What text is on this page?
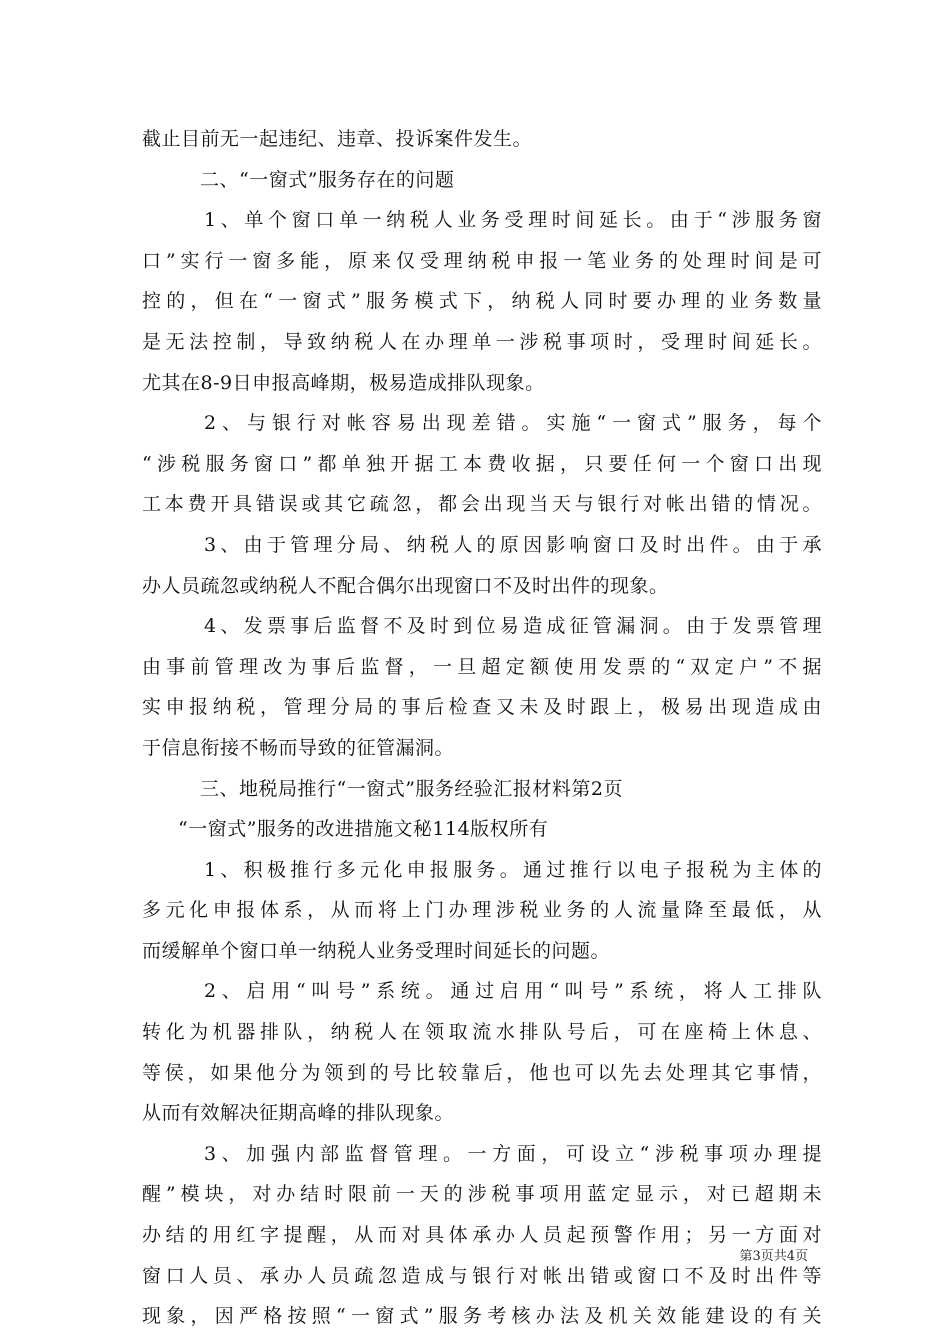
截止目前无一起违纪、违章、投诉案件发生。
二、“一窗式”服务存在的问题
1、单个窗口单一纳税人业务受理时间延长。由于“涉服务窗
口”实行一窗多能，原来仅受理纳税申报一笔业务的处理时间是可
控的，但在“一窗式”服务模式下，纳税人同时要办理的业务数量
是无法控制，导致纳税人在办理单一涉税事项时，受理时间延长。
尤其在8-9日申报高峰期，极易造成排队现象。
2、与银行对帐容易出现差错。实施“一窗式”服务，每个
“涉税服务窗口”都单独开据工本费收据，只要任何一个窗口出现
工本费开具错误或其它疏忽，都会出现当天与银行对帐出错的情况。
3、由于管理分局、纳税人的原因影响窗口及时出件。由于承
办人员疏忽或纳税人不配合偶尔出现窗口不及时出件的现象。
4、发票事后监督不及时到位易造成征管漏洞。由于发票管理
由事前管理改为事后监督，一旦超定额使用发票的“双定户”不据
实申报纳税，管理分局的事后检查又未及时跟上，极易出现造成由
于信息衔接不畅而导致的征管漏洞。
三、地税局推行“一窗式”服务经验汇报材料第2页
“一窗式”服务的改进措施文秘114版权所有
1、积极推行多元化申报服务。通过推行以电子报税为主体的
多元化申报体系，从而将上门办理涉税业务的人流量降至最低，从
而缓解单个窗口单一纳税人业务受理时间延长的问题。
2、启用“叫号”系统。通过启用“叫号”系统，将人工排队
转化为机器排队，纳税人在领取流水排队号后，可在座椅上休息、
等侯，如果他分为领到的号比较靠后，他也可以先去处理其它事情，
从而有效解决征期高峰的排队现象。
3、加强内部监督管理。一方面，可设立“涉税事项办理提
醒”模块，对办结时限前一天的涉税事项用蓝定显示，对已超期未
办结的用红字提醒，从而对具体承办人员起预警作用；另一方面对
窗口人员、承办人员疏忽造成与银行对帐出错或窗口不及时出件等
现象，因严格按照“一窗式”服务考核办法及机关效能建设的有关
第3页共4页
